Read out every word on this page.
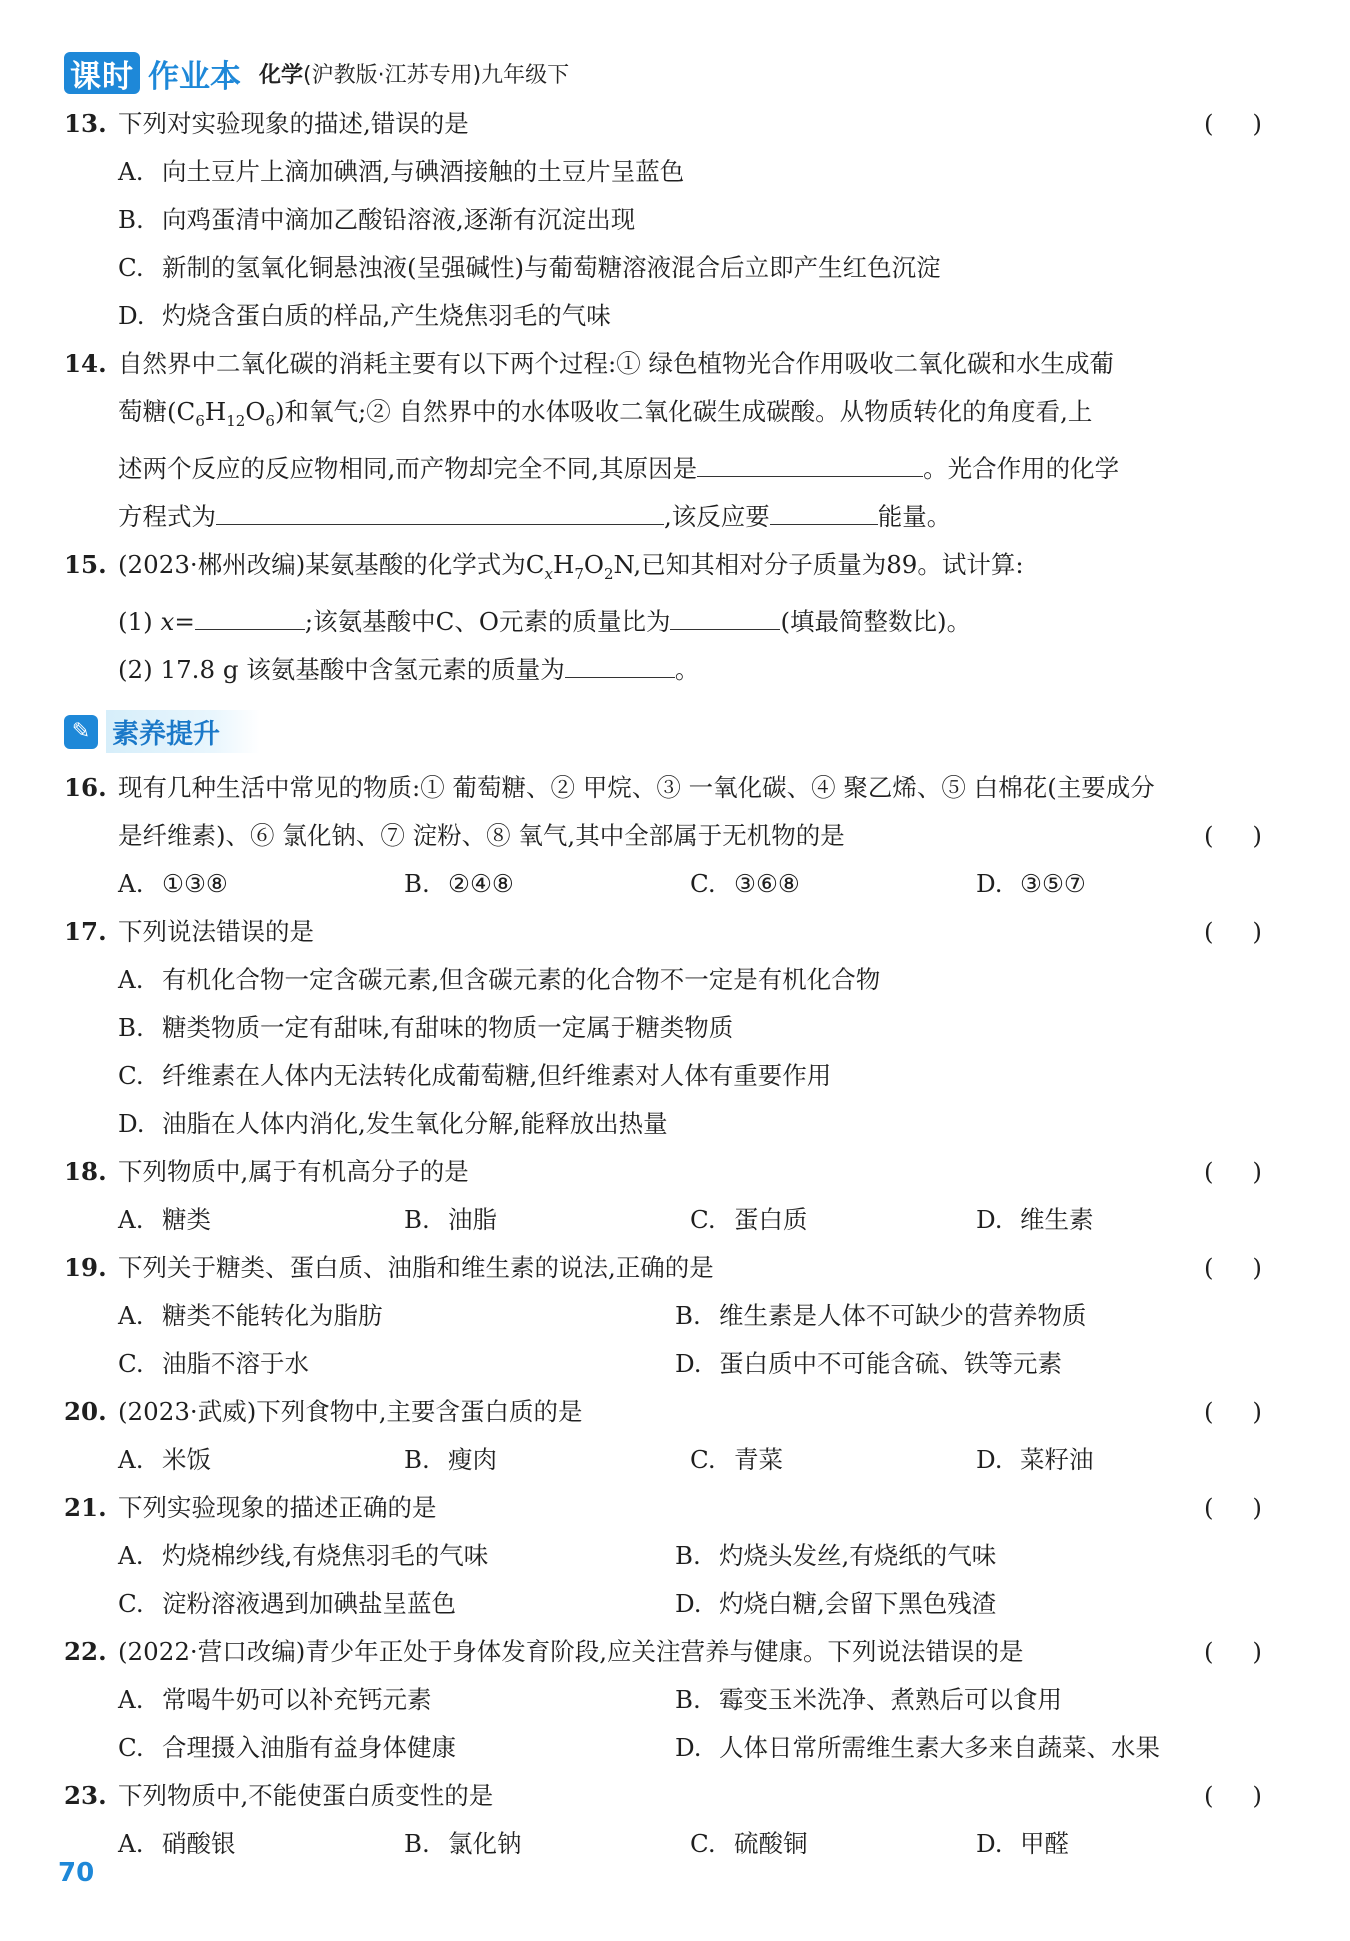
课时 作业本 化学(沪教版·江苏专用)九年级下
13. 下列对实验现象的描述,错误的是	(     )
A. 向土豆片上滴加碘酒,与碘酒接触的土豆片呈蓝色
B. 向鸡蛋清中滴加乙酸铅溶液,逐渐有沉淀出现
C. 新制的氢氧化铜悬浊液(呈强碱性)与葡萄糖溶液混合后立即产生红色沉淀
D. 灼烧含蛋白质的样品,产生烧焦羽毛的气味
14. 自然界中二氧化碳的消耗主要有以下两个过程:① 绿色植物光合作用吸收二氧化碳和水生成葡
萄糖$(C_6H_{12}O_6)$和氧气;② 自然界中的水体吸收二氧化碳生成碳酸。从物质转化的角度看,上
述两个反应的反应物相同,而产物却完全不同,其原因是	。光合作用的化学
方程式为	,该反应要	能量。
15. (2023·郴州改编)某氨基酸的化学式为$C_xH_7O_2N$,已知其相对分子质量为89。试计算:
(1) x=	;该氨基酸中C、O元素的质量比为	(填最简整数比)。
(2) 17.8 g 该氨基酸中含氢元素的质量为	。
✎ 素养提升
16. 现有几种生活中常见的物质:① 葡萄糖、② 甲烷、③ 一氧化碳、④ 聚乙烯、⑤ 白棉花(主要成分
是纤维素)、⑥ 氯化钠、⑦ 淀粉、⑧ 氧气,其中全部属于无机物的是	(     )
A. ①③⑧	B. ②④⑧	C. ③⑥⑧	D. ③⑤⑦
17. 下列说法错误的是	(     )
A. 有机化合物一定含碳元素,但含碳元素的化合物不一定是有机化合物
B. 糖类物质一定有甜味,有甜味的物质一定属于糖类物质
C. 纤维素在人体内无法转化成葡萄糖,但纤维素对人体有重要作用
D. 油脂在人体内消化,发生氧化分解,能释放出热量
18. 下列物质中,属于有机高分子的是	(     )
A. 糖类	B. 油脂	C. 蛋白质	D. 维生素
19. 下列关于糖类、蛋白质、油脂和维生素的说法,正确的是	(     )
A. 糖类不能转化为脂肪	B. 维生素是人体不可缺少的营养物质
C. 油脂不溶于水	D. 蛋白质中不可能含硫、铁等元素
20. (2023·武威)下列食物中,主要含蛋白质的是	(     )
A. 米饭	B. 瘦肉	C. 青菜	D. 菜籽油
21. 下列实验现象的描述正确的是	(     )
A. 灼烧棉纱线,有烧焦羽毛的气味	B. 灼烧头发丝,有烧纸的气味
C. 淀粉溶液遇到加碘盐呈蓝色	D. 灼烧白糖,会留下黑色残渣
22. (2022·营口改编)青少年正处于身体发育阶段,应关注营养与健康。下列说法错误的是	(     )
A. 常喝牛奶可以补充钙元素	B. 霉变玉米洗净、煮熟后可以食用
C. 合理摄入油脂有益身体健康	D. 人体日常所需维生素大多来自蔬菜、水果
23. 下列物质中,不能使蛋白质变性的是	(     )
A. 硝酸银	B. 氯化钠	C. 硫酸铜	D. 甲醛
70
